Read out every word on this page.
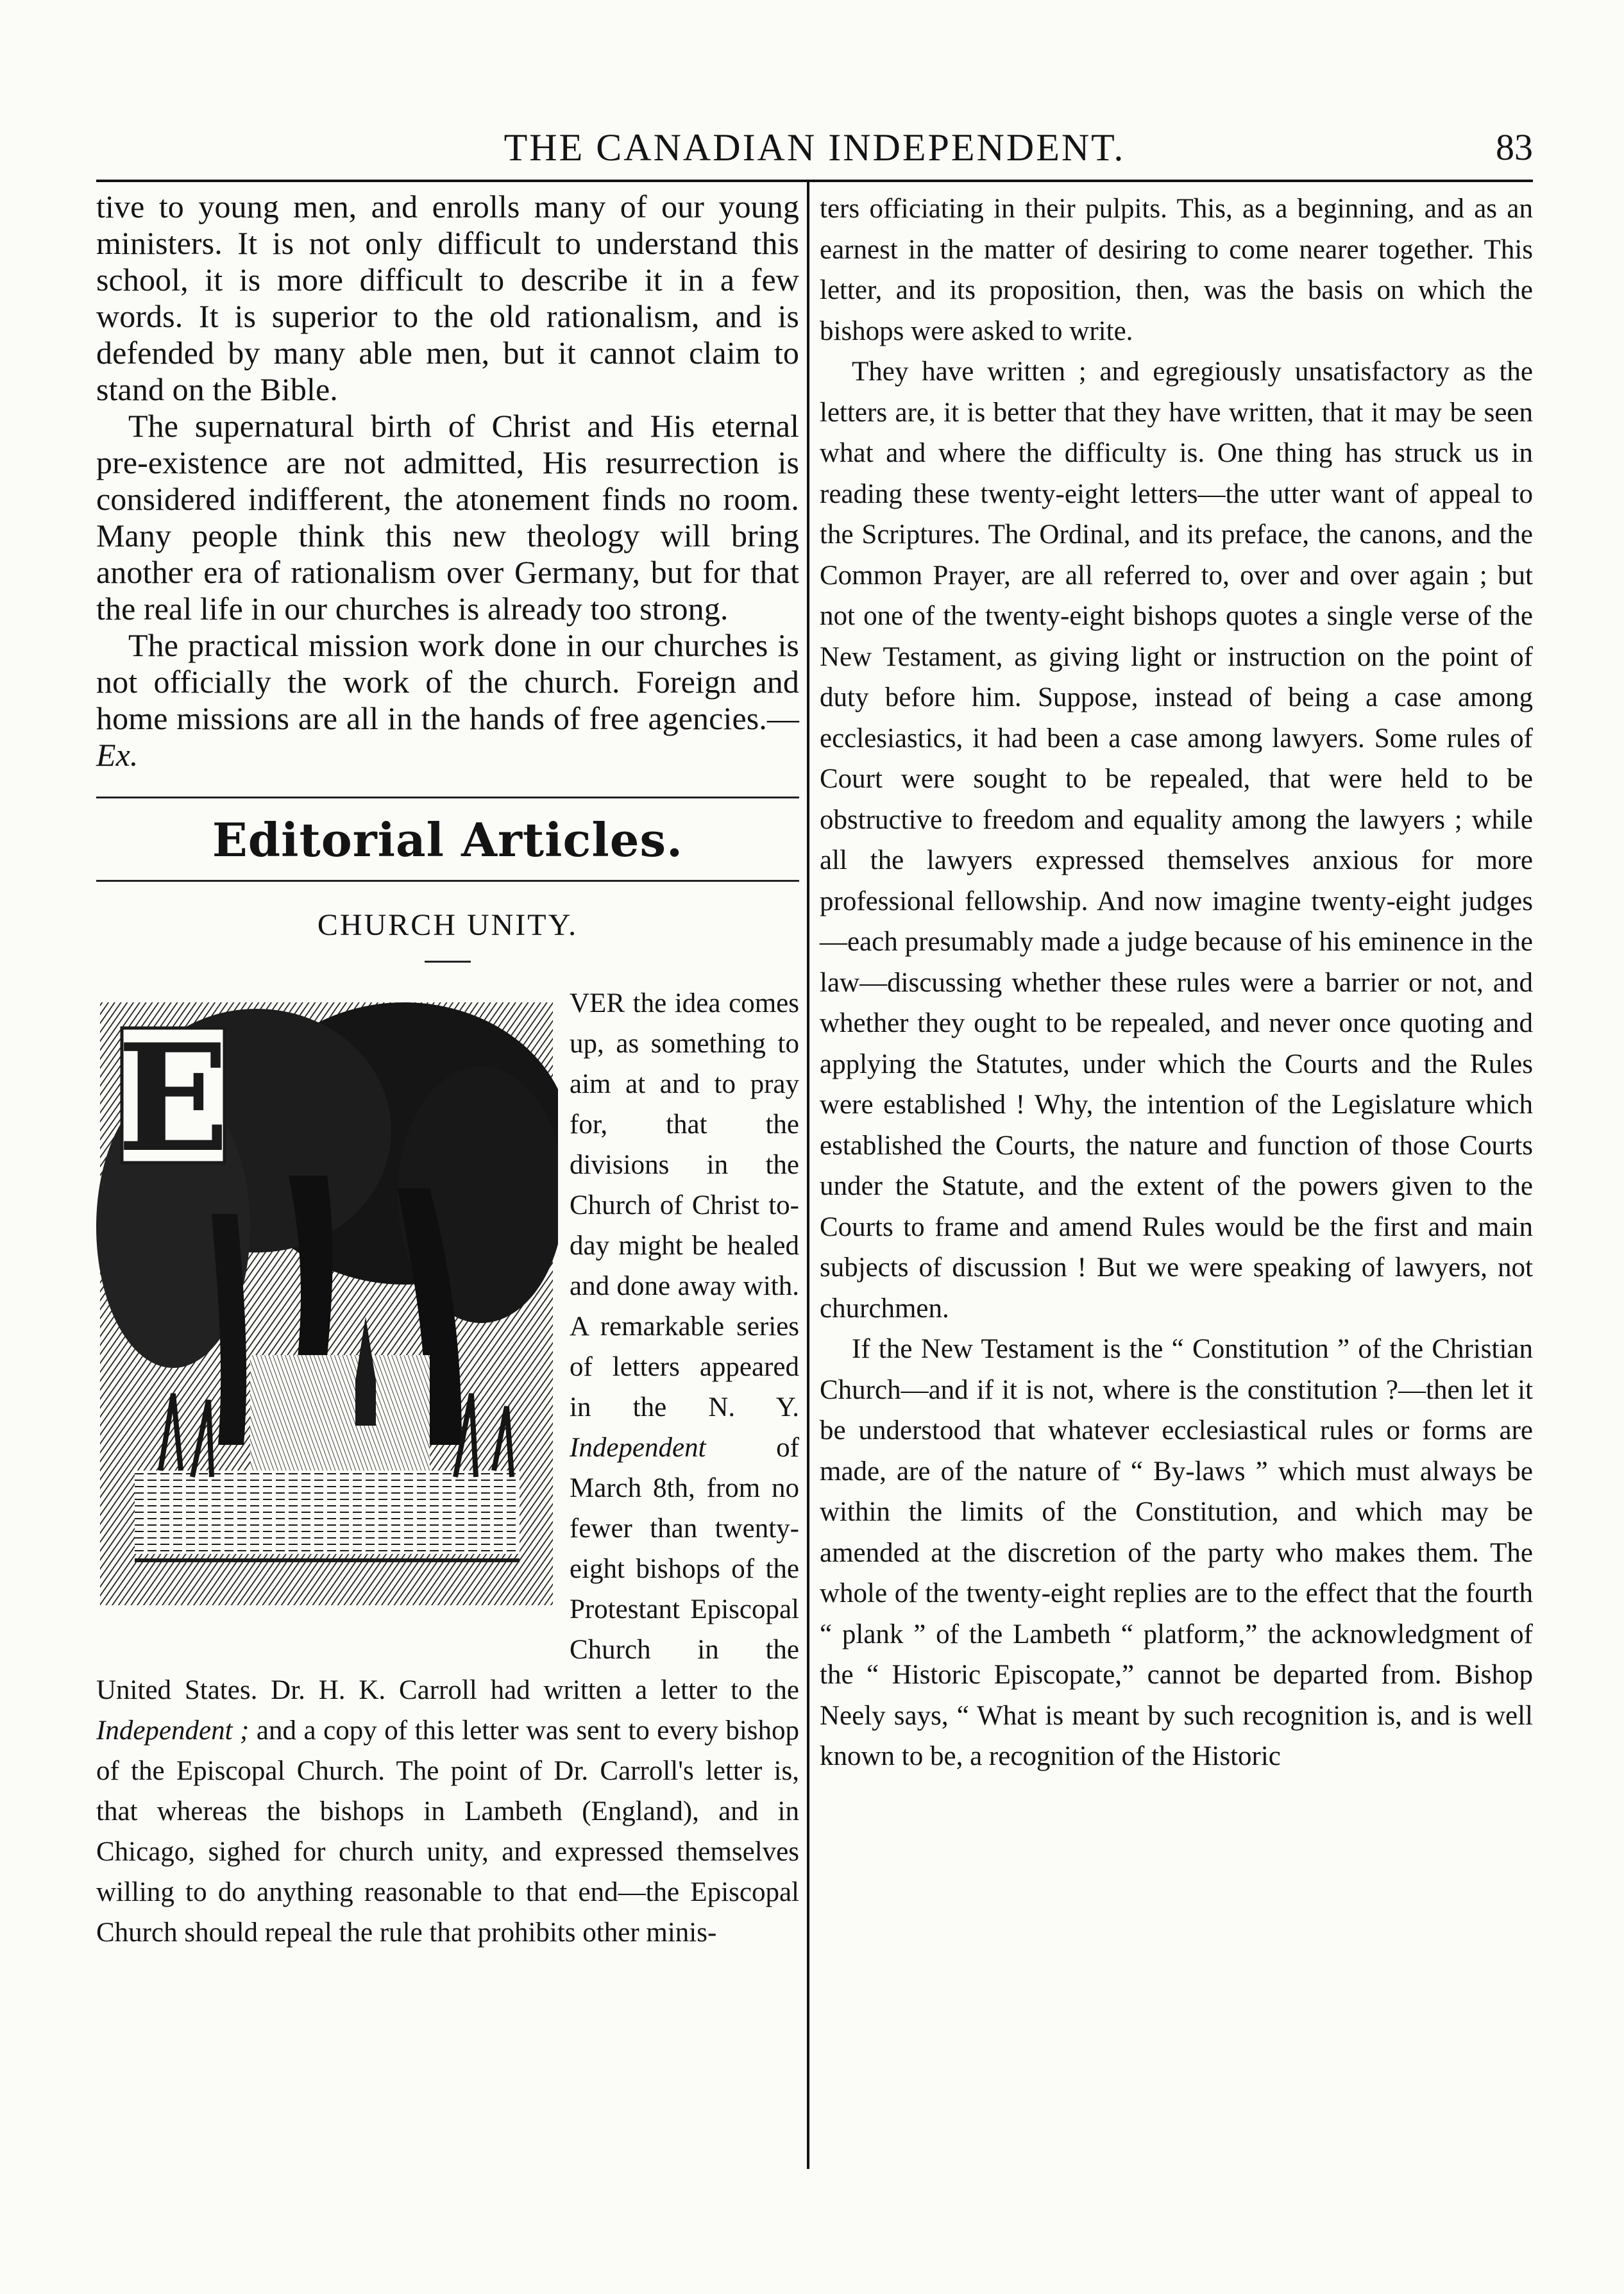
THE CANADIAN INDEPENDENT.	83

tive to young men, and enrolls many of our young ministers. It is not only difficult to understand this school, it is more difficult to describe it in a few words. It is superior to the old rationalism, and is defended by many able men, but it cannot claim to stand on the Bible.

The supernatural birth of Christ and His eternal pre-existence are not admitted, His resurrection is considered indifferent, the atonement finds no room. Many people think this new theology will bring another era of rationalism over Germany, but for that the real life in our churches is already too strong.

The practical mission work done in our churches is not officially the work of the church. Foreign and home missions are all in the hands of free agencies.—Ex.

Editorial Articles.
CHURCH UNITY.
E
VER the idea comes up, as something to aim at and to pray for, that the divisions in the Church of Christ to-day might be healed and done away with. A remarkable series of letters appeared in the N. Y. Independent of March 8th, from no fewer than twenty-eight bishops of the Protestant Episcopal Church in the United States. Dr. H. K. Carroll had written a letter to the Independent ; and a copy of this letter was sent to every bishop of the Episcopal Church. The point of Dr. Carroll's letter is, that whereas the bishops in Lambeth (England), and in Chicago, sighed for church unity, and expressed themselves willing to do anything reasonable to that end—the Episcopal Church should repeal the rule that prohibits other minis-

ters officiating in their pulpits. This, as a beginning, and as an earnest in the matter of desiring to come nearer together. This letter, and its proposition, then, was the basis on which the bishops were asked to write.

They have written ; and egregiously unsatisfactory as the letters are, it is better that they have written, that it may be seen what and where the difficulty is. One thing has struck us in reading these twenty-eight letters—the utter want of appeal to the Scriptures. The Ordinal, and its preface, the canons, and the Common Prayer, are all referred to, over and over again ; but not one of the twenty-eight bishops quotes a single verse of the New Testament, as giving light or instruction on the point of duty before him. Suppose, instead of being a case among ecclesiastics, it had been a case among lawyers. Some rules of Court were sought to be repealed, that were held to be obstructive to freedom and equality among the lawyers ; while all the lawyers expressed themselves anxious for more professional fellowship. And now imagine twenty-eight judges—each presumably made a judge because of his eminence in the law—discussing whether these rules were a barrier or not, and whether they ought to be repealed, and never once quoting and applying the Statutes, under which the Courts and the Rules were established ! Why, the intention of the Legislature which established the Courts, the nature and function of those Courts under the Statute, and the extent of the powers given to the Courts to frame and amend Rules would be the first and main subjects of discussion ! But we were speaking of lawyers, not churchmen.

If the New Testament is the “ Constitution ” of the Christian Church—and if it is not, where is the constitution ?—then let it be understood that whatever ecclesiastical rules or forms are made, are of the nature of “ By-laws ” which must always be within the limits of the Constitution, and which may be amended at the discretion of the party who makes them. The whole of the twenty-eight replies are to the effect that the fourth “ plank ” of the Lambeth “ platform,” the acknowledgment of the “ Historic Episcopate,” cannot be departed from. Bishop Neely says, “ What is meant by such recognition is, and is well known to be, a recognition of the Historic
